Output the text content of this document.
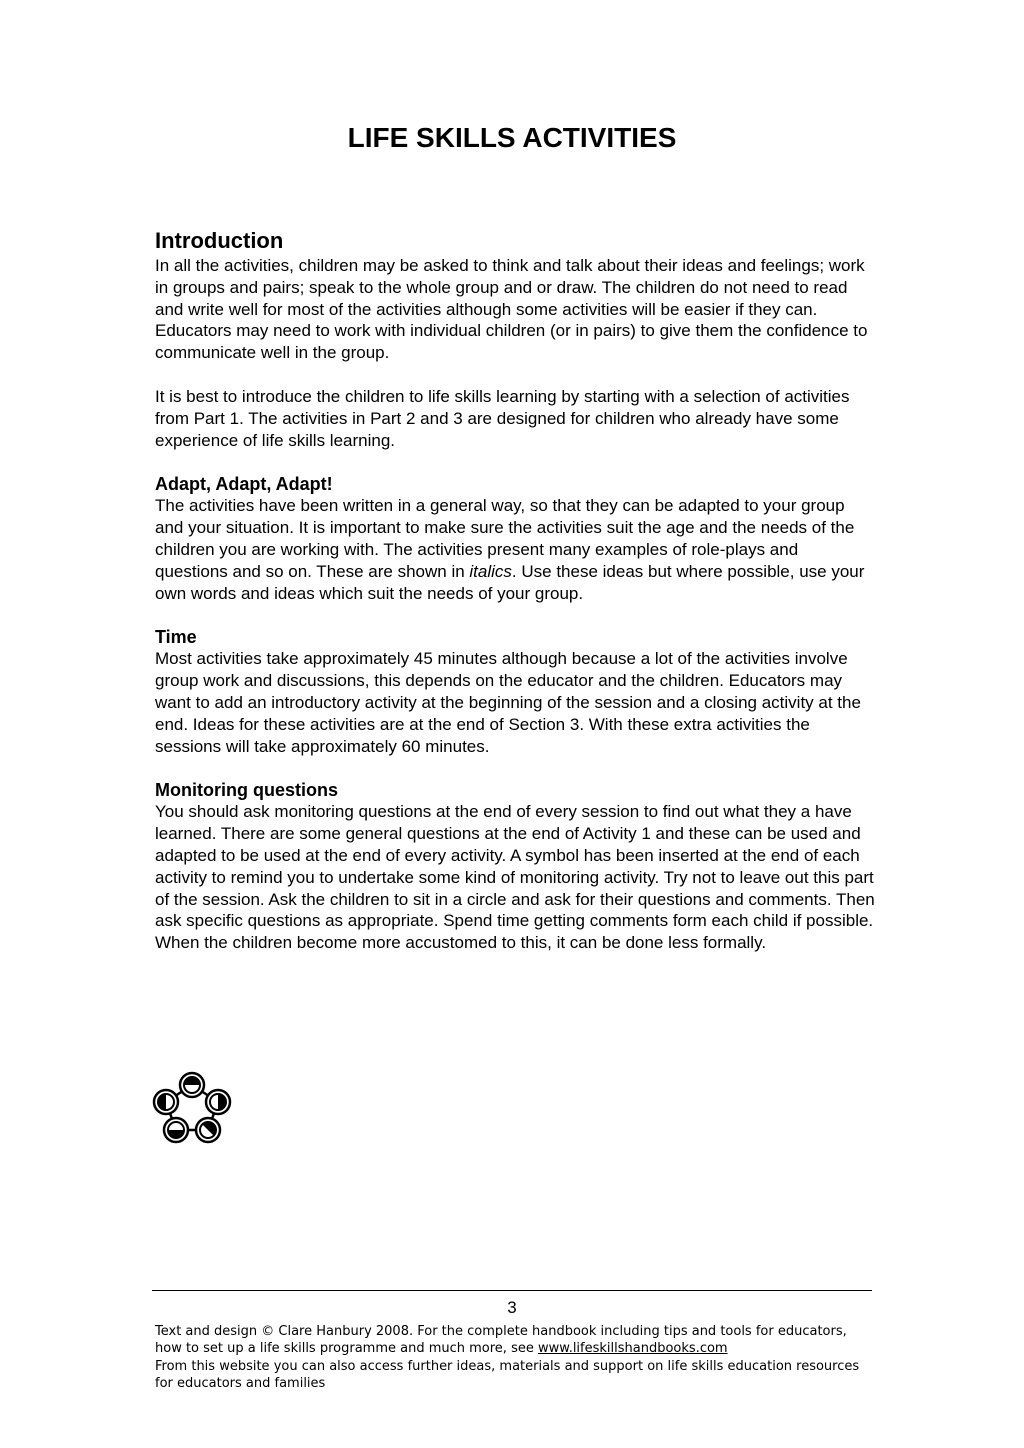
LIFE SKILLS ACTIVITIES
Introduction

In all the activities, children may be asked to think and talk about their ideas and feelings; work in groups and pairs; speak to the whole group and or draw. The children do not need to read and write well for most of the activities although some activities will be easier if they can. Educators may need to work with individual children (or in pairs) to give them the confidence to communicate well in the group.

It is best to introduce the children to life skills learning by starting with a selection of activities from Part 1. The activities in Part 2 and 3 are designed for children who already have some experience of life skills learning.

Adapt, Adapt, Adapt!

The activities have been written in a general way, so that they can be adapted to your group and your situation. It is important to make sure the activities suit the age and the needs of the children you are working with. The activities present many examples of role-plays and questions and so on. These are shown in italics. Use these ideas but where possible, use your own words and ideas which suit the needs of your group.

Time

Most activities take approximately 45 minutes although because a lot of the activities involve group work and discussions, this depends on the educator and the children. Educators may want to add an introductory activity at the beginning of the session and a closing activity at the end. Ideas for these activities are at the end of Section 3. With these extra activities the sessions will take approximately 60 minutes.

Monitoring questions

You should ask monitoring questions at the end of every session to find out what they a have learned. There are some general questions at the end of Activity 1 and these can be used and adapted to be used at the end of every activity. A symbol has been inserted at the end of each activity to remind you to undertake some kind of monitoring activity. Try not to leave out this part of the session. Ask the children to sit in a circle and ask for their questions and comments. Then ask specific questions as appropriate. Spend time getting comments form each child if possible. When the children become more accustomed to this, it can be done less formally.

3
Text and design © Clare Hanbury 2008. For the complete handbook including tips and tools for educators, how to set up a life skills programme and much more, see www.lifeskillshandbooks.com
From this website you can also access further ideas, materials and support on life skills education resources for educators and families
